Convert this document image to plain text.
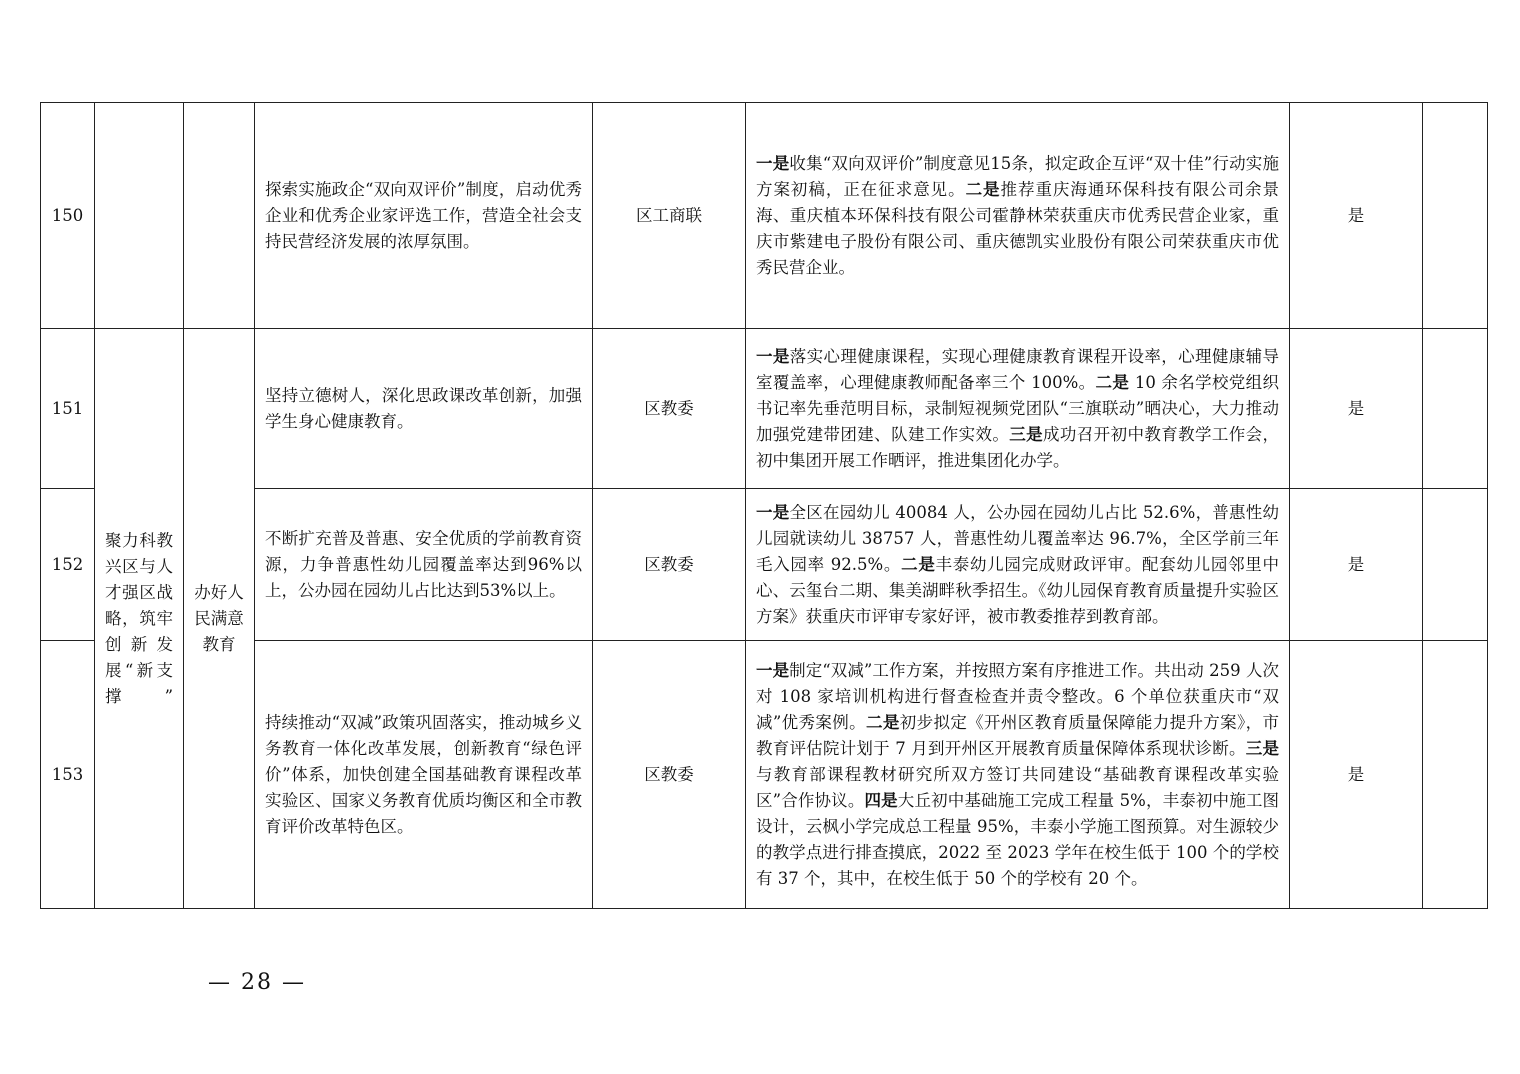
150			探索实施政企“双向双评价”制度，启动优秀企业和优秀企业家评选工作，营造全社会支持民营经济发展的浓厚氛围。	区工商联	一是收集“双向双评价”制度意见15条，拟定政企互评“双十佳”行动实施方案初稿，正在征求意见。二是推荐重庆海通环保科技有限公司余景海、重庆植本环保科技有限公司霍静林荣获重庆市优秀民营企业家，重庆市紫建电子股份有限公司、重庆德凯实业股份有限公司荣获重庆市优秀民营企业。	是	
151	聚力科教兴区与人才强区战略，筑牢创新发展“新支撑”	办好人民满意教育	坚持立德树人，深化思政课改革创新，加强学生身心健康教育。	区教委	一是落实心理健康课程，实现心理健康教育课程开设率，心理健康辅导室覆盖率，心理健康教师配备率三个 100%。二是 10 余名学校党组织书记率先垂范明目标，录制短视频党团队“三旗联动”晒决心，大力推动加强党建带团建、队建工作实效。三是成功召开初中教育教学工作会，初中集团开展工作晒评，推进集团化办学。	是	
152			不断扩充普及普惠、安全优质的学前教育资源，力争普惠性幼儿园覆盖率达到96%以上，公办园在园幼儿占比达到53%以上。	区教委	一是全区在园幼儿 40084 人，公办园在园幼儿占比 52.6%，普惠性幼儿园就读幼儿 38757 人，普惠性幼儿覆盖率达 96.7%，全区学前三年毛入园率 92.5%。二是丰泰幼儿园完成财政评审。配套幼儿园邻里中心、云玺台二期、集美湖畔秋季招生。《幼儿园保育教育质量提升实验区方案》获重庆市评审专家好评，被市教委推荐到教育部。	是	
153			持续推动“双减”政策巩固落实，推动城乡义务教育一体化改革发展，创新教育“绿色评价”体系，加快创建全国基础教育课程改革实验区、国家义务教育优质均衡区和全市教育评价改革特色区。	区教委	一是制定“双减”工作方案，并按照方案有序推进工作。共出动 259 人次对 108 家培训机构进行督查检查并责令整改。6 个单位获重庆市“双减”优秀案例。二是初步拟定《开州区教育质量保障能力提升方案》，市教育评估院计划于 7 月到开州区开展教育质量保障体系现状诊断。三是与教育部课程教材研究所双方签订共同建设“基础教育课程改革实验区”合作协议。四是大丘初中基础施工完成工程量 5%，丰泰初中施工图设计，云枫小学完成总工程量 95%，丰泰小学施工图预算。对生源较少的教学点进行排查摸底，2022 至 2023 学年在校生低于 100 个的学校有 37 个，其中，在校生低于 50 个的学校有 20 个。	是	
— 28 —
